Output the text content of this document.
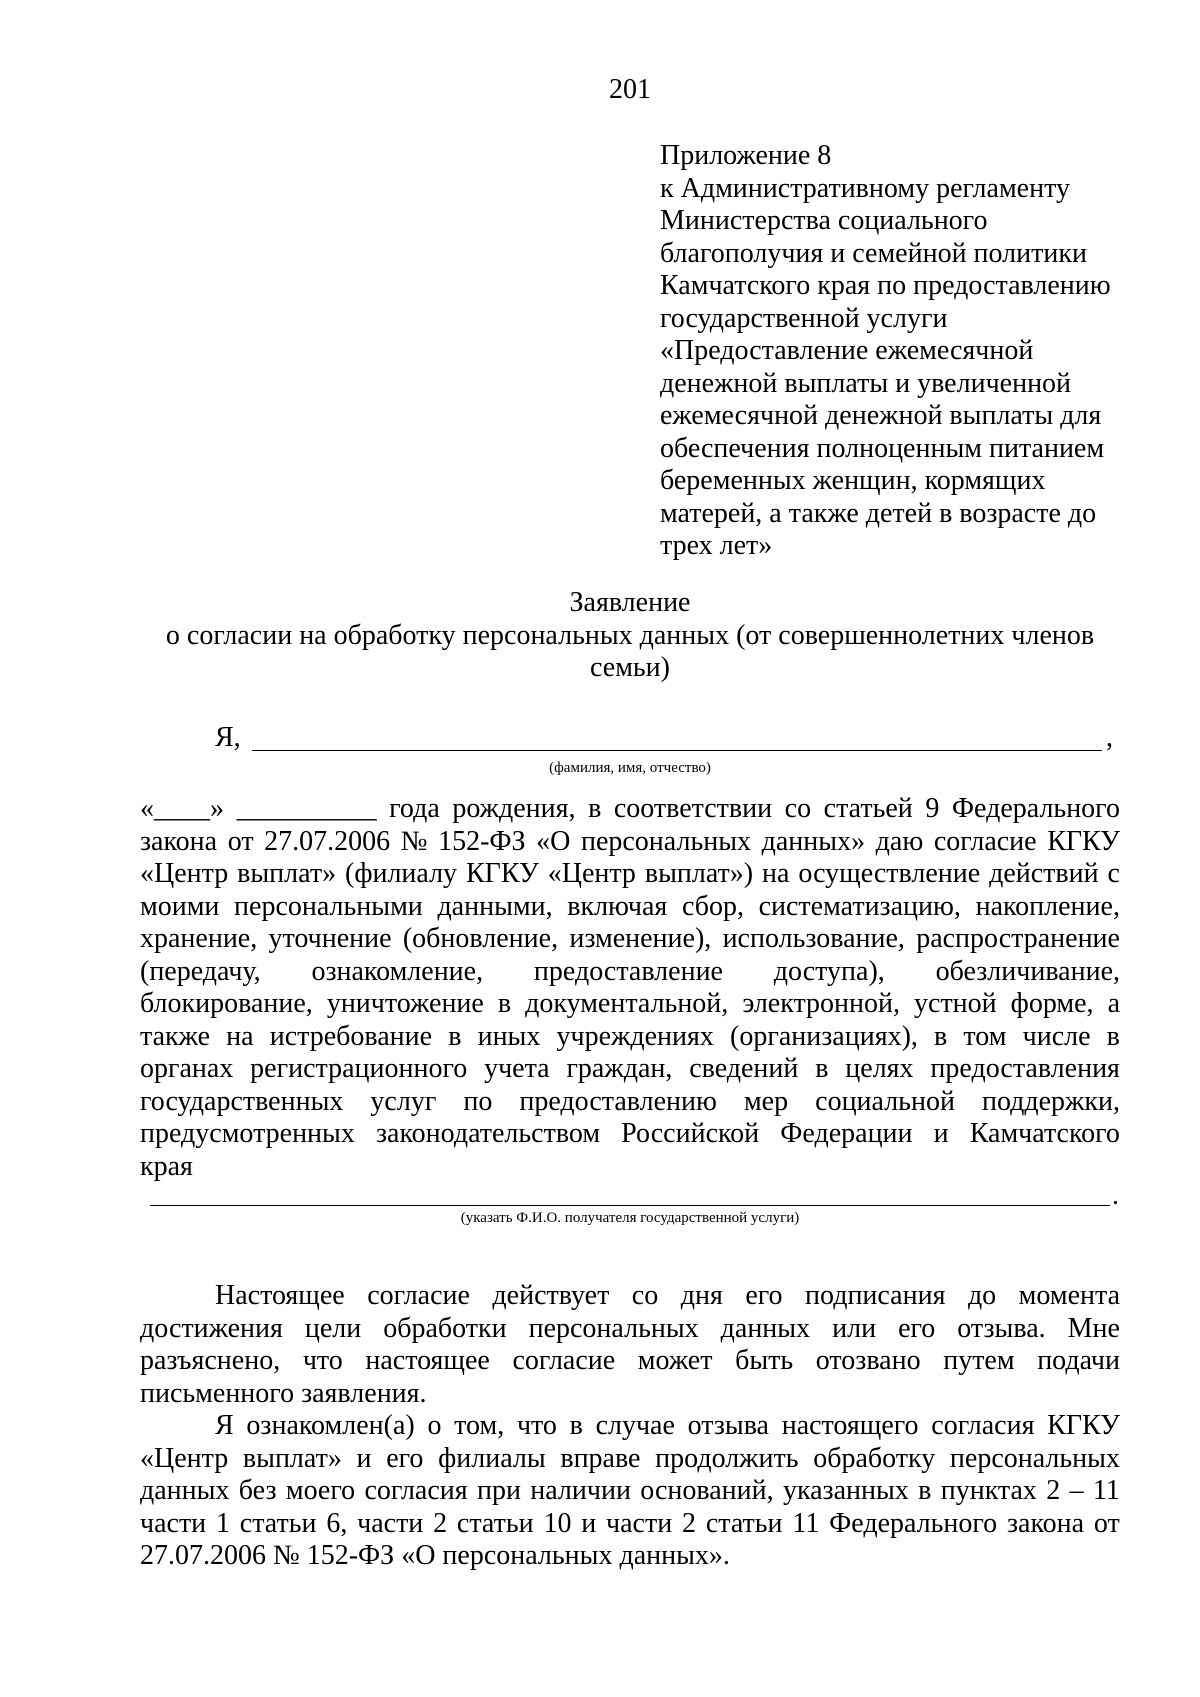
201
Приложение 8
к Административному регламенту
Министерства социального
благополучия и семейной политики
Камчатского края по предоставлению
государственной услуги
«Предоставление ежемесячной
денежной выплаты и увеличенной
ежемесячной денежной выплаты для
обеспечения полноценным питанием
беременных женщин, кормящих
матерей, а также детей в возрасте до
трех лет»
Заявление
о согласии на обработку персональных данных (от совершеннолетних членов
семьи)
Я,	,
(фамилия, имя, отчество)
«____» __________ года рождения, в соответствии со статьей 9 Федерального
закона от 27.07.2006 № 152-ФЗ «О персональных данных» даю согласие КГКУ
«Центр выплат» (филиалу КГКУ «Центр выплат») на осуществление действий с
моими персональными данными, включая сбор, систематизацию, накопление,
хранение, уточнение (обновление, изменение), использование, распространение
(передачу, ознакомление, предоставление доступа), обезличивание,
блокирование, уничтожение в документальной, электронной, устной форме, а
также на истребование в иных учреждениях (организациях), в том числе в
органах регистрационного учета граждан, сведений в целях предоставления
государственных услуг по предоставлению мер социальной поддержки,
предусмотренных законодательством Российской Федерации и Камчатского
края
.
(указать Ф.И.О. получателя государственной услуги)
Настоящее согласие действует со дня его подписания до момента
достижения цели обработки персональных данных или его отзыва. Мне
разъяснено, что настоящее согласие может быть отозвано путем подачи
письменного заявления.
Я ознакомлен(а) о том, что в случае отзыва настоящего согласия КГКУ
«Центр выплат» и его филиалы вправе продолжить обработку персональных
данных без моего согласия при наличии оснований, указанных в пунктах 2 – 11
части 1 статьи 6, части 2 статьи 10 и части 2 статьи 11 Федерального закона от
27.07.2006 № 152-ФЗ «О персональных данных».
